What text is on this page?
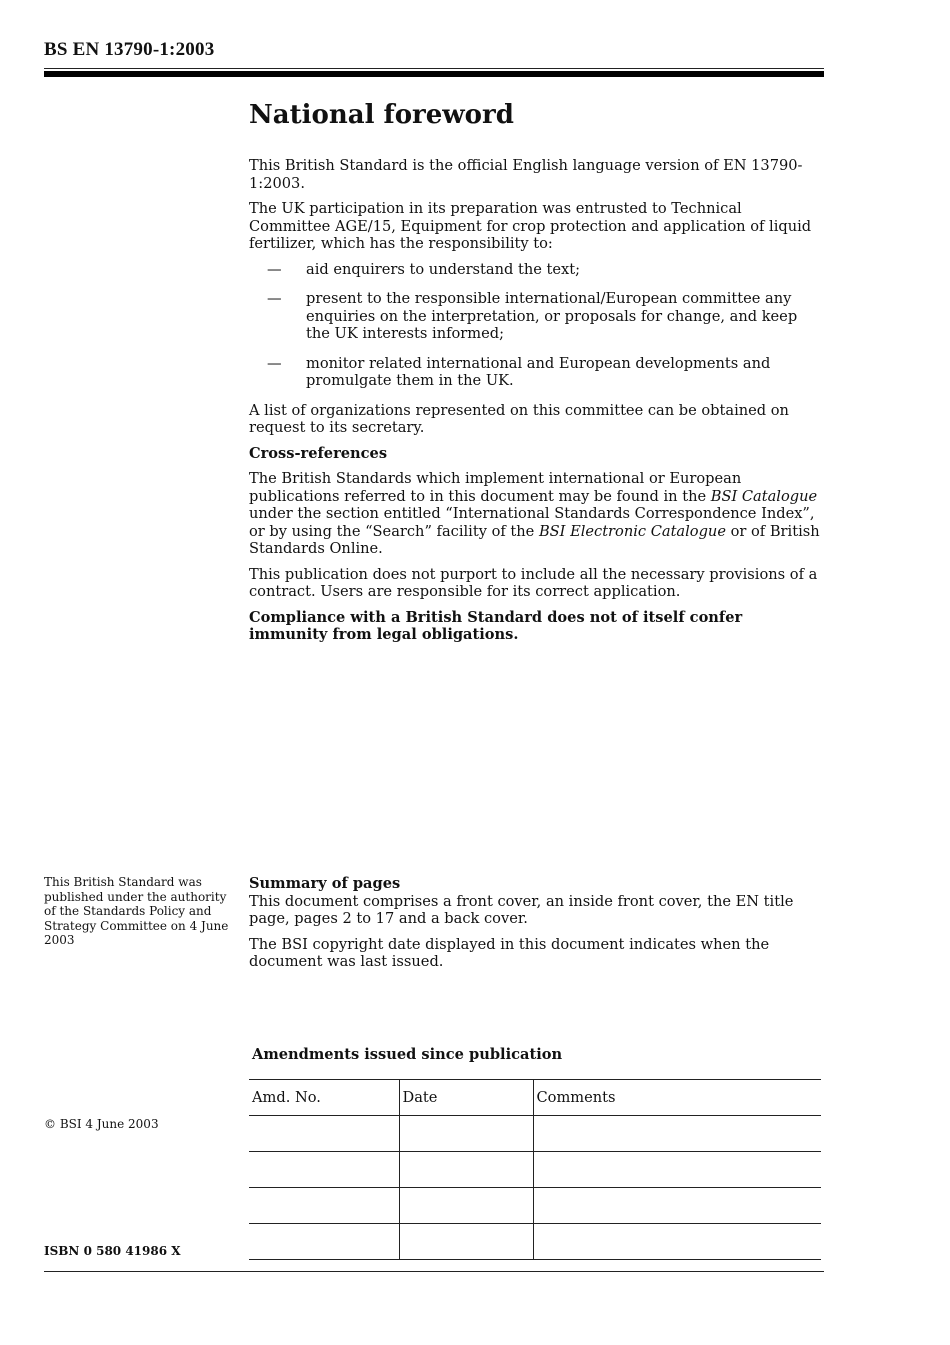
BS EN 13790-1:2003
National foreword

This British Standard is the official English language version of EN 13790-1:2003.

The UK participation in its preparation was entrusted to Technical Committee AGE/15, Equipment for crop protection and application of liquid fertilizer, which has the responsibility to:

— aid enquirers to understand the text;
— present to the responsible international/European committee any enquiries on the interpretation, or proposals for change, and keep the UK interests informed;
— monitor related international and European developments and promulgate them in the UK.

A list of organizations represented on this committee can be obtained on request to its secretary.

Cross-references

The British Standards which implement international or European publications referred to in this document may be found in the BSI Catalogue under the section entitled “International Standards Correspondence Index”, or by using the “Search” facility of the BSI Electronic Catalogue or of British Standards Online.

This publication does not purport to include all the necessary provisions of a contract. Users are responsible for its correct application.

Compliance with a British Standard does not of itself confer immunity from legal obligations.

This British Standard was published under the authority of the Standards Policy and Strategy Committee on 4 June 2003

Summary of pages

This document comprises a front cover, an inside front cover, the EN title page, pages 2 to 17 and a back cover.

The BSI copyright date displayed in this document indicates when the document was last issued.

Amendments issued since publication
Amd. No.	Date	Comments

© BSI 4 June 2003
ISBN 0 580 41986 X
